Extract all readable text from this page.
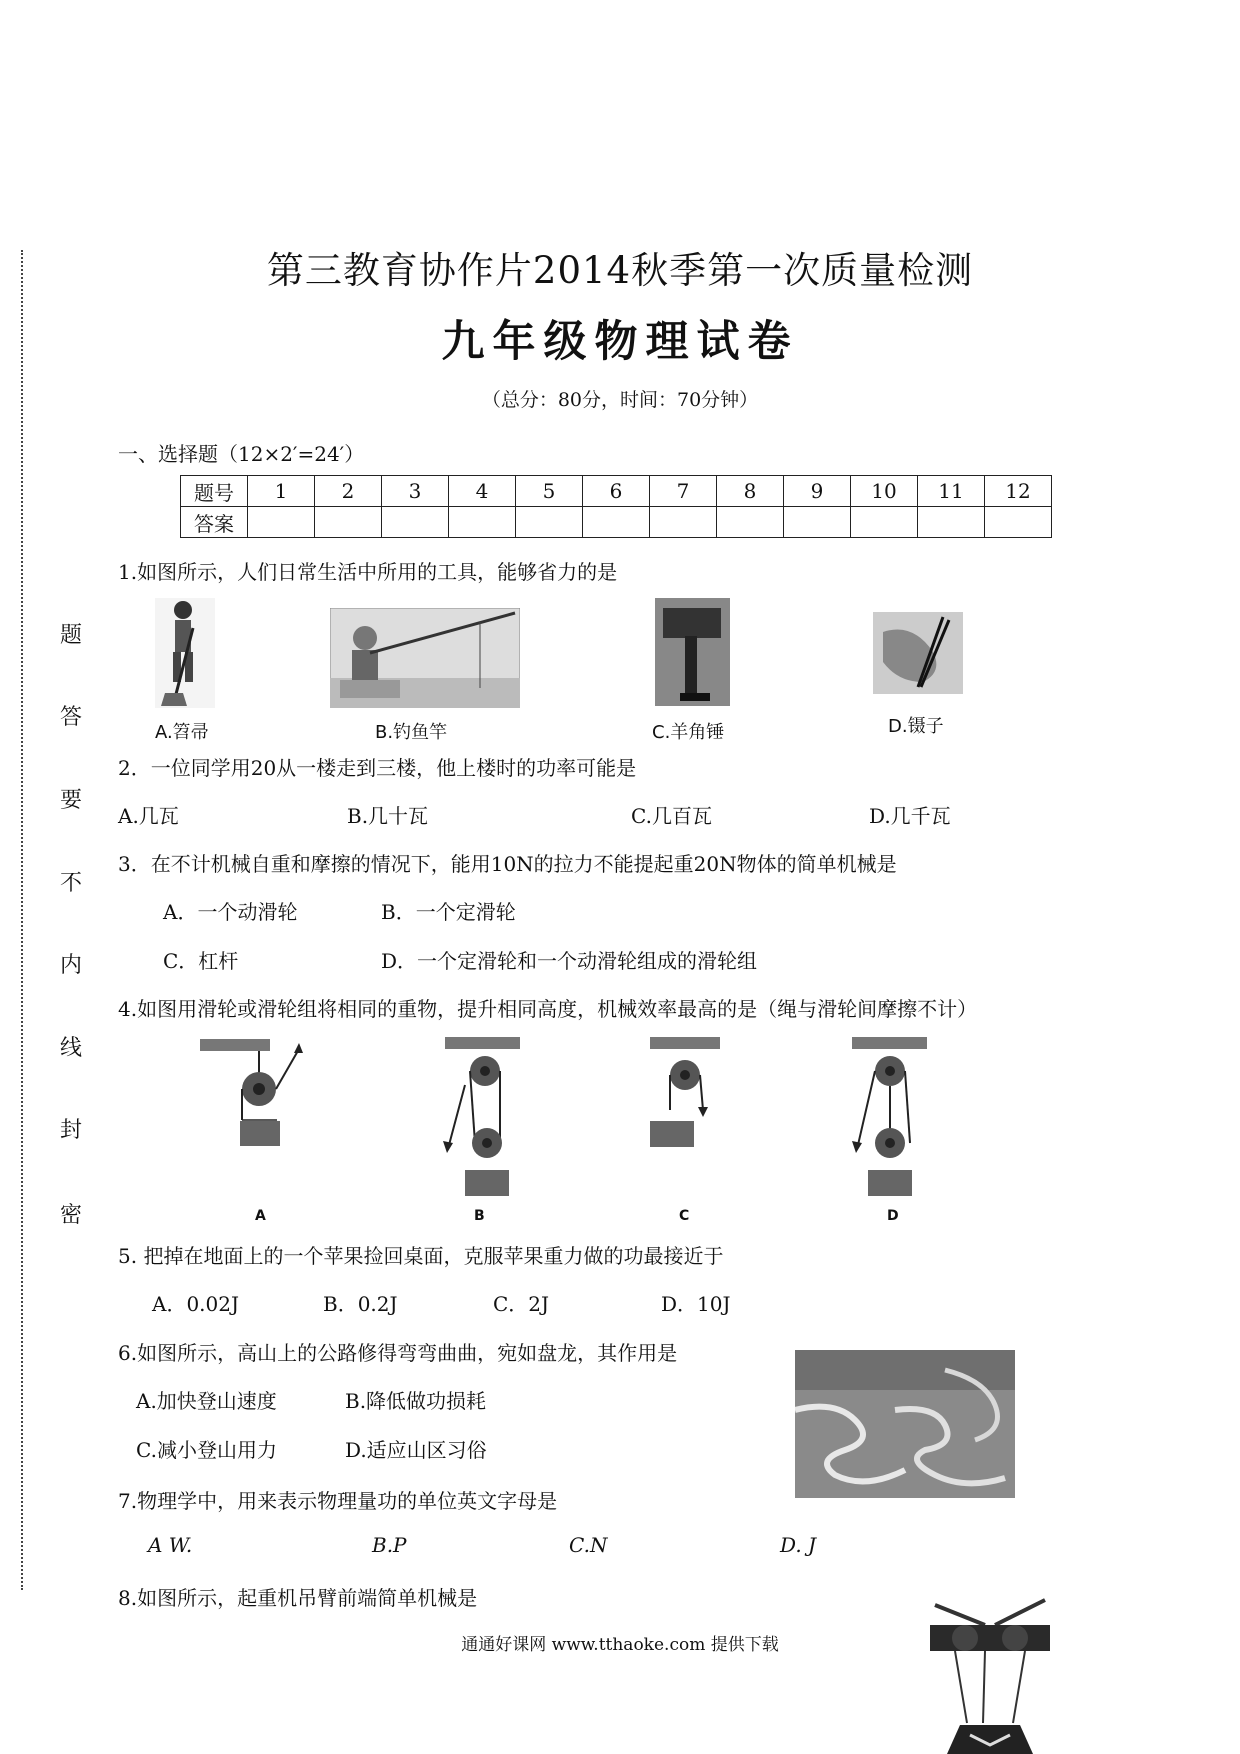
题
答
要
不
内
线
封
密
第三教育协作片2014秋季第一次质量检测
九年级物理试卷
（总分：80分，时间：70分钟）
一、选择题（12×2′=24′）
题号	1	2	3	4	5	6	7	8	9	10	11	12
答案												
1.如图所示，人们日常生活中所用的工具，能够省力的是
A.笤帚	B.钓鱼竿	C.羊角锤	D.镊子
2．一位同学用20从一楼走到三楼，他上楼时的功率可能是
A.几瓦	B.几十瓦	C.几百瓦	D.几千瓦
3．在不计机械自重和摩擦的情况下，能用10N的拉力不能提起重20N物体的简单机械是
A．一个动滑轮	B．一个定滑轮
C．杠杆	D．一个定滑轮和一个动滑轮组成的滑轮组
4.如图用滑轮或滑轮组将相同的重物，提升相同高度，机械效率最高的是（绳与滑轮间摩擦不计）
A	B	C	D
5. 把掉在地面上的一个苹果捡回桌面，克服苹果重力做的功最接近于
A．0.02J	B．0.2J	C．2J	D．10J
6.如图所示，高山上的公路修得弯弯曲曲，宛如盘龙，其作用是
A.加快登山速度	B.降低做功损耗
C.减小登山用力	D.适应山区习俗
7.物理学中，用来表示物理量功的单位英文字母是
A W.	B.P	C.N	D. J
8.如图所示，起重机吊臂前端简单机械是
通通好课网 www.tthaoke.com 提供下载
